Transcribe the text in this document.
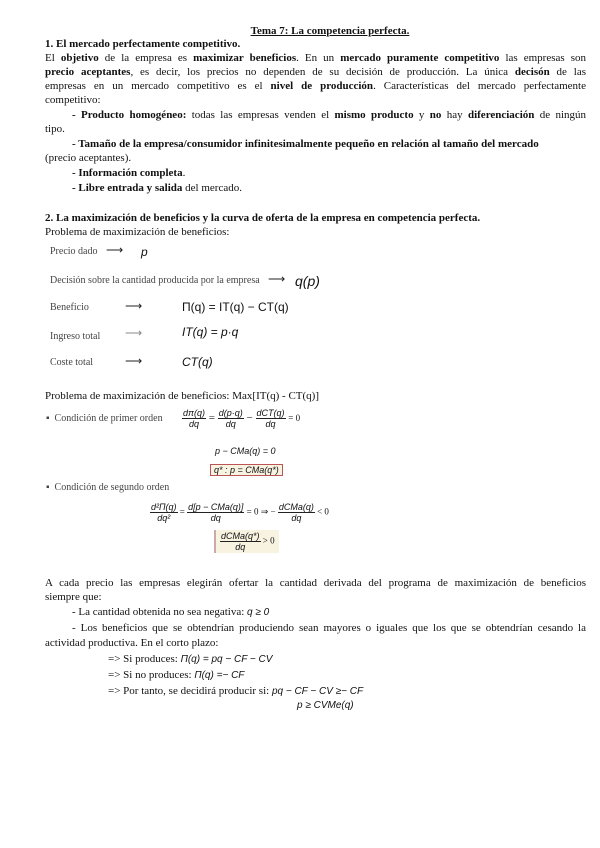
Tema 7: La competencia perfecta.
1. El mercado perfectamente competitivo.
El objetivo de la empresa es maximizar beneficios. En un mercado puramente competitivo las empresas son
precio aceptantes, es decir, los precios no dependen de su decisión de producción. La única decisón de las
empresas en un mercado competitivo es el nivel de producción. Características del mercado perfectamente
competitivo:
- Producto homogéneo: todas las empresas venden el mismo producto y no hay diferenciación de ningún
tipo.
- Tamaño de la empresa/consumidor infinitesimalmente pequeño en relación al tamaño del mercado
(precio aceptantes).
- Información completa.
- Libre entrada y salida del mercado.
2. La maximización de beneficios y la curva de oferta de la empresa en competencia perfecta.
Problema de maximización de beneficios:
Precio dado ⟶ p
Decisión sobre la cantidad producida por la empresa ⟶ q(p)
Beneficio	⟶	Π(q) = IT(q) − CT(q)
Ingreso total ⟶	IT(q) = p·q
Coste total	⟶	CT(q)
Problema de maximización de beneficios: Max[IT(q) - CT(q)]
▪  Condición de primer orden $\frac{d\pi(q)}{dq} = \frac{d(p\cdot q)}{dq} - \frac{\text{dCT(q)}}{dq} = 0$
p − CMa(q) = 0
q* : p = CMa(q*)
▪  Condición de segundo orden
$\frac{\text{d²Π(q)}}{\text{dq²}} = \frac{\text{d[p − CMa(q)]}}{dq} = 0$ ⇒ − $\frac{\text{dCMa(q)}}{dq} < 0$
$\frac{\text{dCMa(q*)}}{dq} > 0$
A cada precio las empresas elegirán ofertar la cantidad derivada del programa de maximización de beneficios
siempre que:
- La cantidad obtenida no sea negativa: q ≥ 0
- Los beneficios que se obtendrían produciendo sean mayores o iguales que los que se obtendrían cesando la
actividad productiva. En el corto plazo:
=> Si produces: Π(q) = pq − CF − CV
=> Si no produces: Π(q) =− CF
=> Por tanto, se decidirá producir si: pq − CF − CV ≥− CF
p ≥ CVMe(q)
